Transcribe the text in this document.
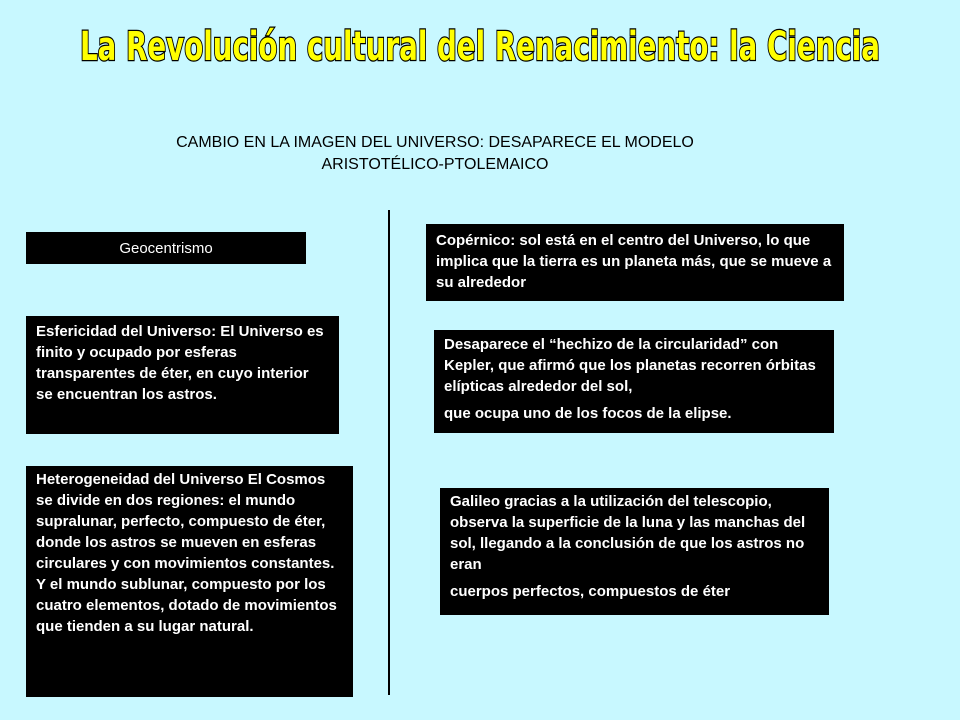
La Revolución cultural del Renacimiento: la Ciencia
CAMBIO EN LA IMAGEN DEL UNIVERSO: DESAPARECE EL MODELO
ARISTOTÉLICO-PTOLEMAICO
Geocentrismo
Esfericidad del Universo: El Universo es finito y ocupado por esferas transparentes de éter, en cuyo interior se encuentran los astros.
Heterogeneidad del Universo El Cosmos se divide en dos regiones: el mundo supralunar, perfecto, compuesto de éter, donde los astros se mueven en esferas circulares y con movimientos constantes. Y el mundo sublunar, compuesto por los cuatro elementos, dotado de movimientos que tienden a su lugar natural.
Copérnico: sol está en el centro del Universo, lo que implica que la tierra es un planeta más, que se mueve a su alrededor
Desaparece el “hechizo de la circularidad” con Kepler, que afirmó que los planetas recorren órbitas elípticas alrededor del sol,
que ocupa uno de los focos de la elipse.
Galileo gracias a la utilización del telescopio, observa la superficie de la luna y las manchas del sol, llegando a la conclusión de que los astros no eran
cuerpos perfectos, compuestos de éter
